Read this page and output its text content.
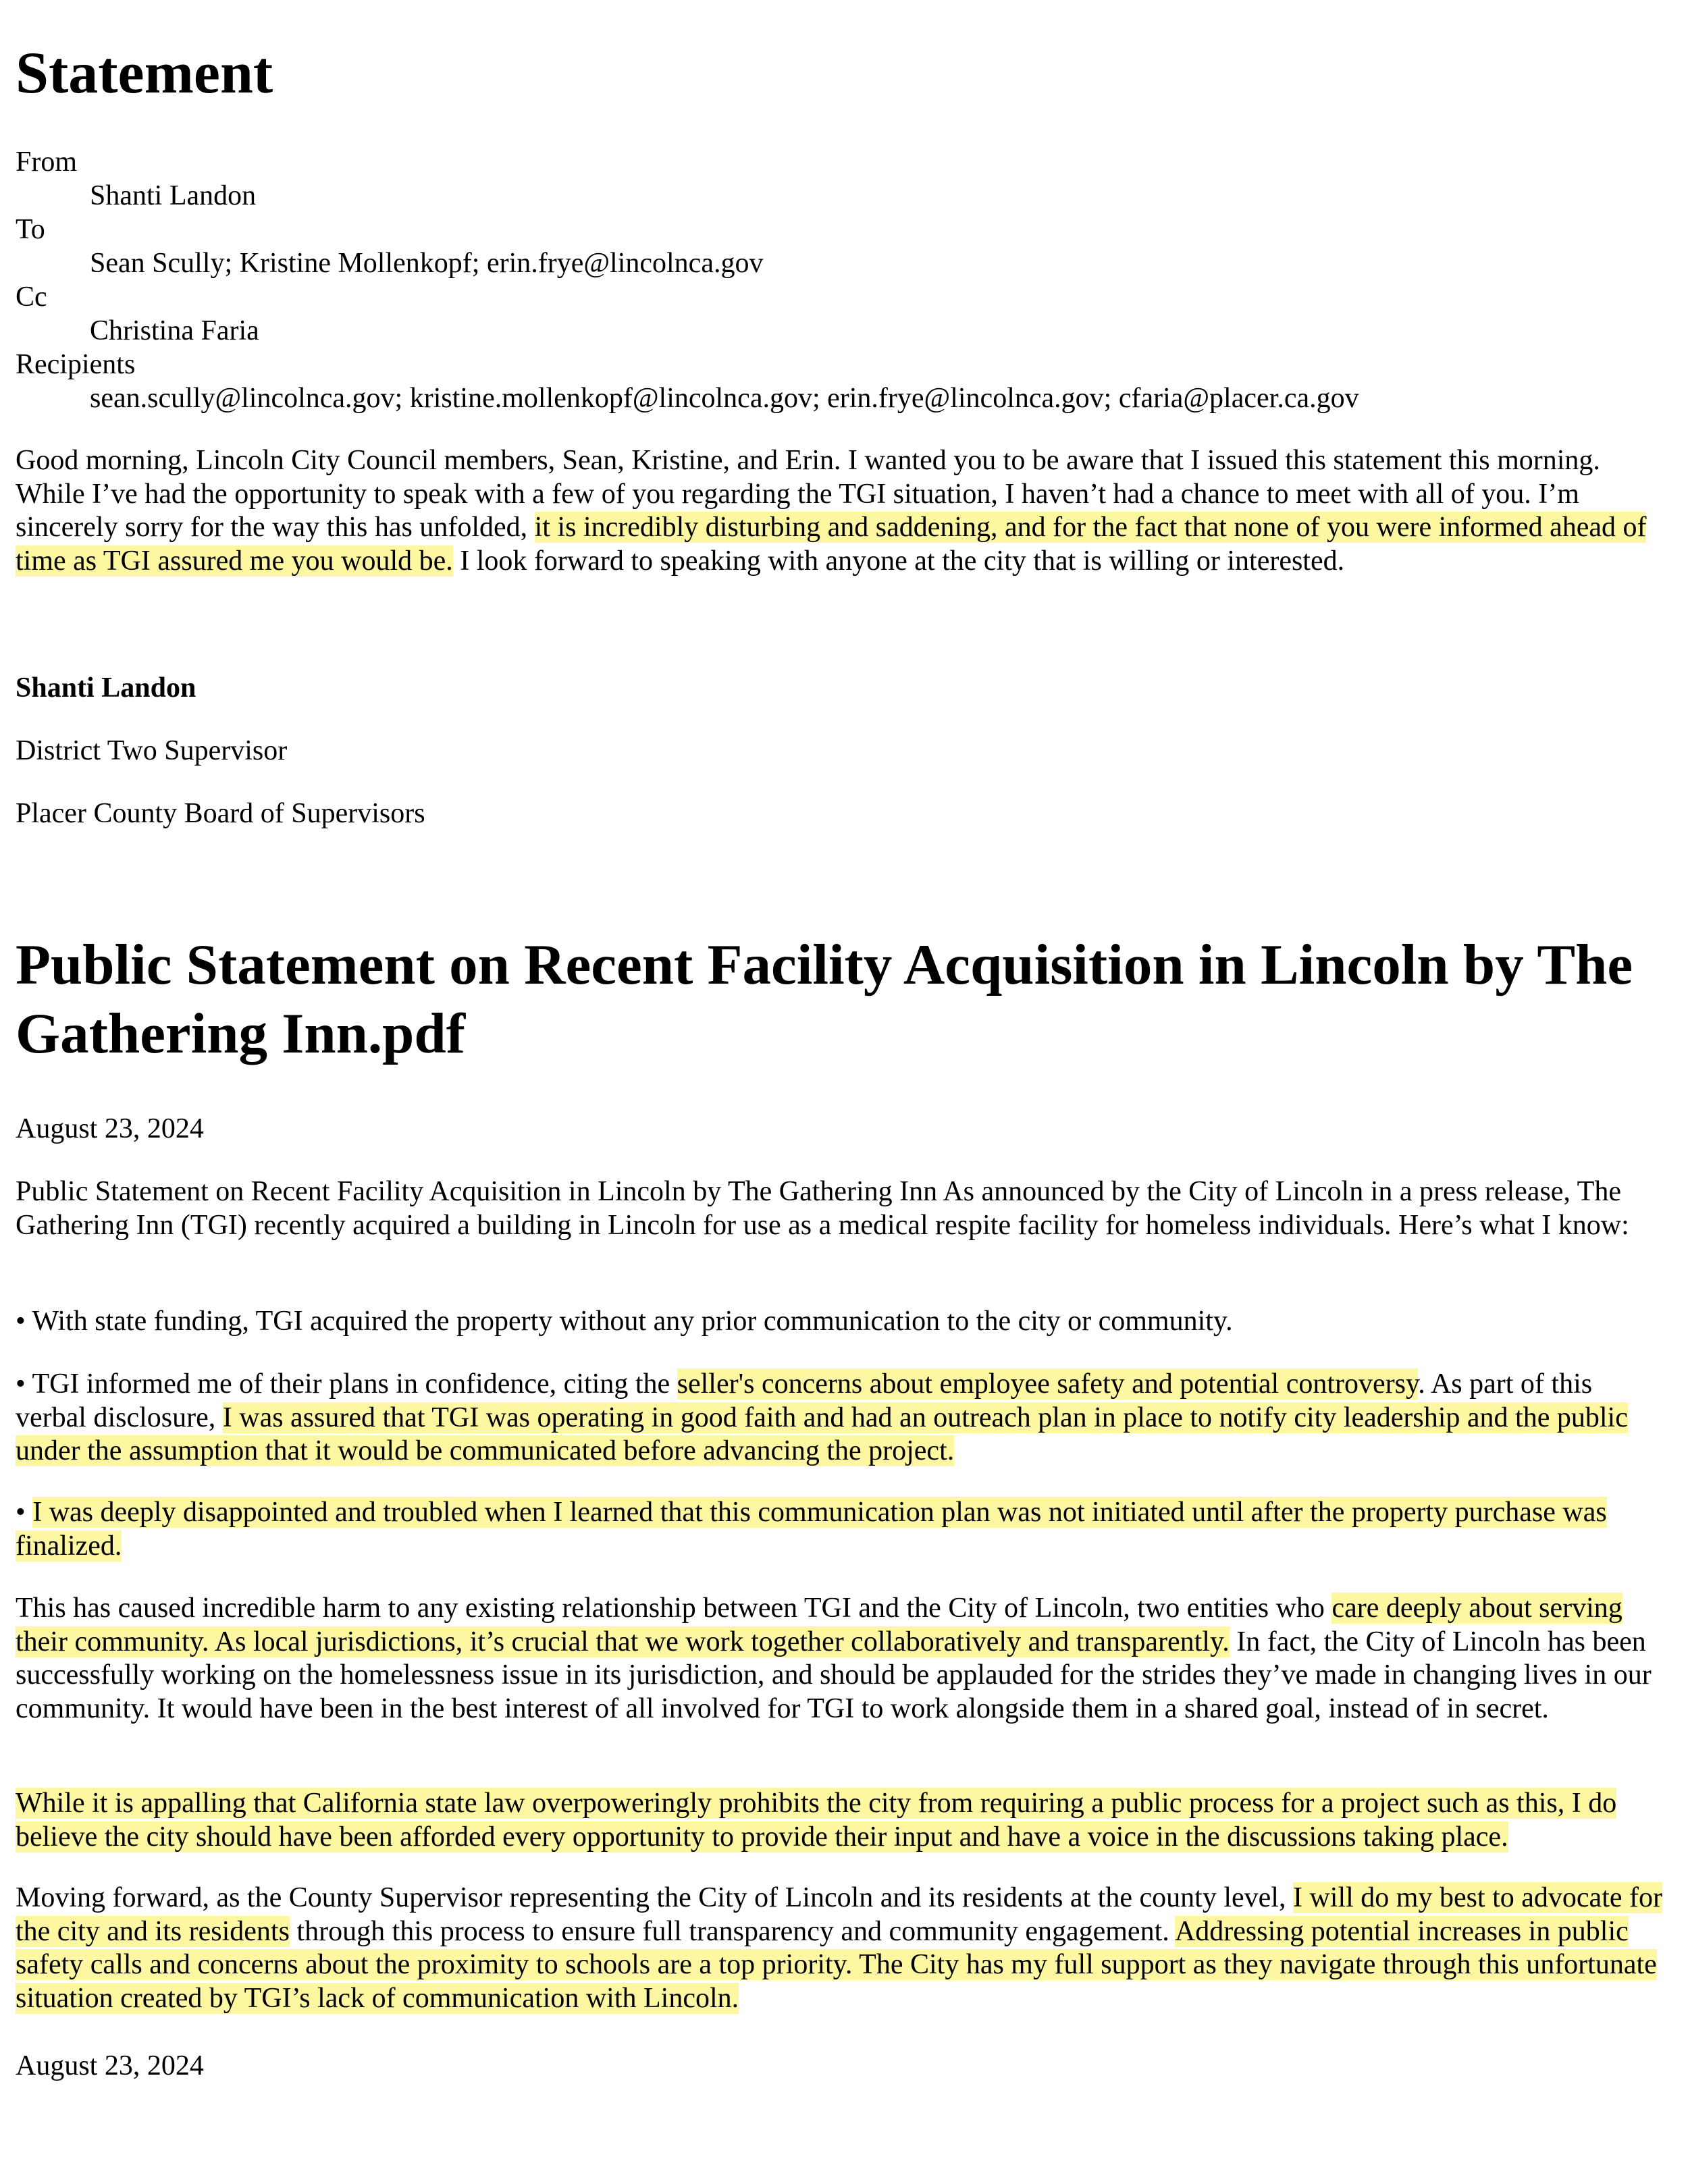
Statement

From

Shanti Landon

To

Sean Scully; Kristine Mollenkopf; erin.frye@lincolnca.gov

Cc

Christina Faria

Recipients

sean.scully@lincolnca.gov; kristine.mollenkopf@lincolnca.gov; erin.frye@lincolnca.gov; cfaria@placer.ca.gov

Good morning, Lincoln City Council members, Sean, Kristine, and Erin. I wanted you to be aware that I issued this statement this morning. While I’ve had the opportunity to speak with a few of you regarding the TGI situation, I haven’t had a chance to meet with all of you. I’m sincerely sorry for the way this has unfolded, it is incredibly disturbing and saddening, and for the fact that none of you were informed ahead of time as TGI assured me you would be. I look forward to speaking with anyone at the city that is willing or interested.

Shanti Landon

District Two Supervisor

Placer County Board of Supervisors

Public Statement on Recent Facility Acquisition in Lincoln by The Gathering Inn.pdf

August 23, 2024

Public Statement on Recent Facility Acquisition in Lincoln by The Gathering Inn As announced by the City of Lincoln in a press release, The Gathering Inn (TGI) recently acquired a building in Lincoln for use as a medical respite facility for homeless individuals. Here’s what I know:

• With state funding, TGI acquired the property without any prior communication to the city or community.

• TGI informed me of their plans in confidence, citing the seller's concerns about employee safety and potential controversy. As part of this verbal disclosure, I was assured that TGI was operating in good faith and had an outreach plan in place to notify city leadership and the public under the assumption that it would be communicated before advancing the project.

• I was deeply disappointed and troubled when I learned that this communication plan was not initiated until after the property purchase was finalized.

This has caused incredible harm to any existing relationship between TGI and the City of Lincoln, two entities who care deeply about serving their community. As local jurisdictions, it’s crucial that we work together collaboratively and transparently. In fact, the City of Lincoln has been successfully working on the homelessness issue in its jurisdiction, and should be applauded for the strides they’ve made in changing lives in our community. It would have been in the best interest of all involved for TGI to work alongside them in a shared goal, instead of in secret.

While it is appalling that California state law overpoweringly prohibits the city from requiring a public process for a project such as this, I do believe the city should have been afforded every opportunity to provide their input and have a voice in the discussions taking place.

Moving forward, as the County Supervisor representing the City of Lincoln and its residents at the county level, I will do my best to advocate for the city and its residents through this process to ensure full transparency and community engagement. Addressing potential increases in public safety calls and concerns about the proximity to schools are a top priority. The City has my full support as they navigate through this unfortunate situation created by TGI’s lack of communication with Lincoln.

August 23, 2024
